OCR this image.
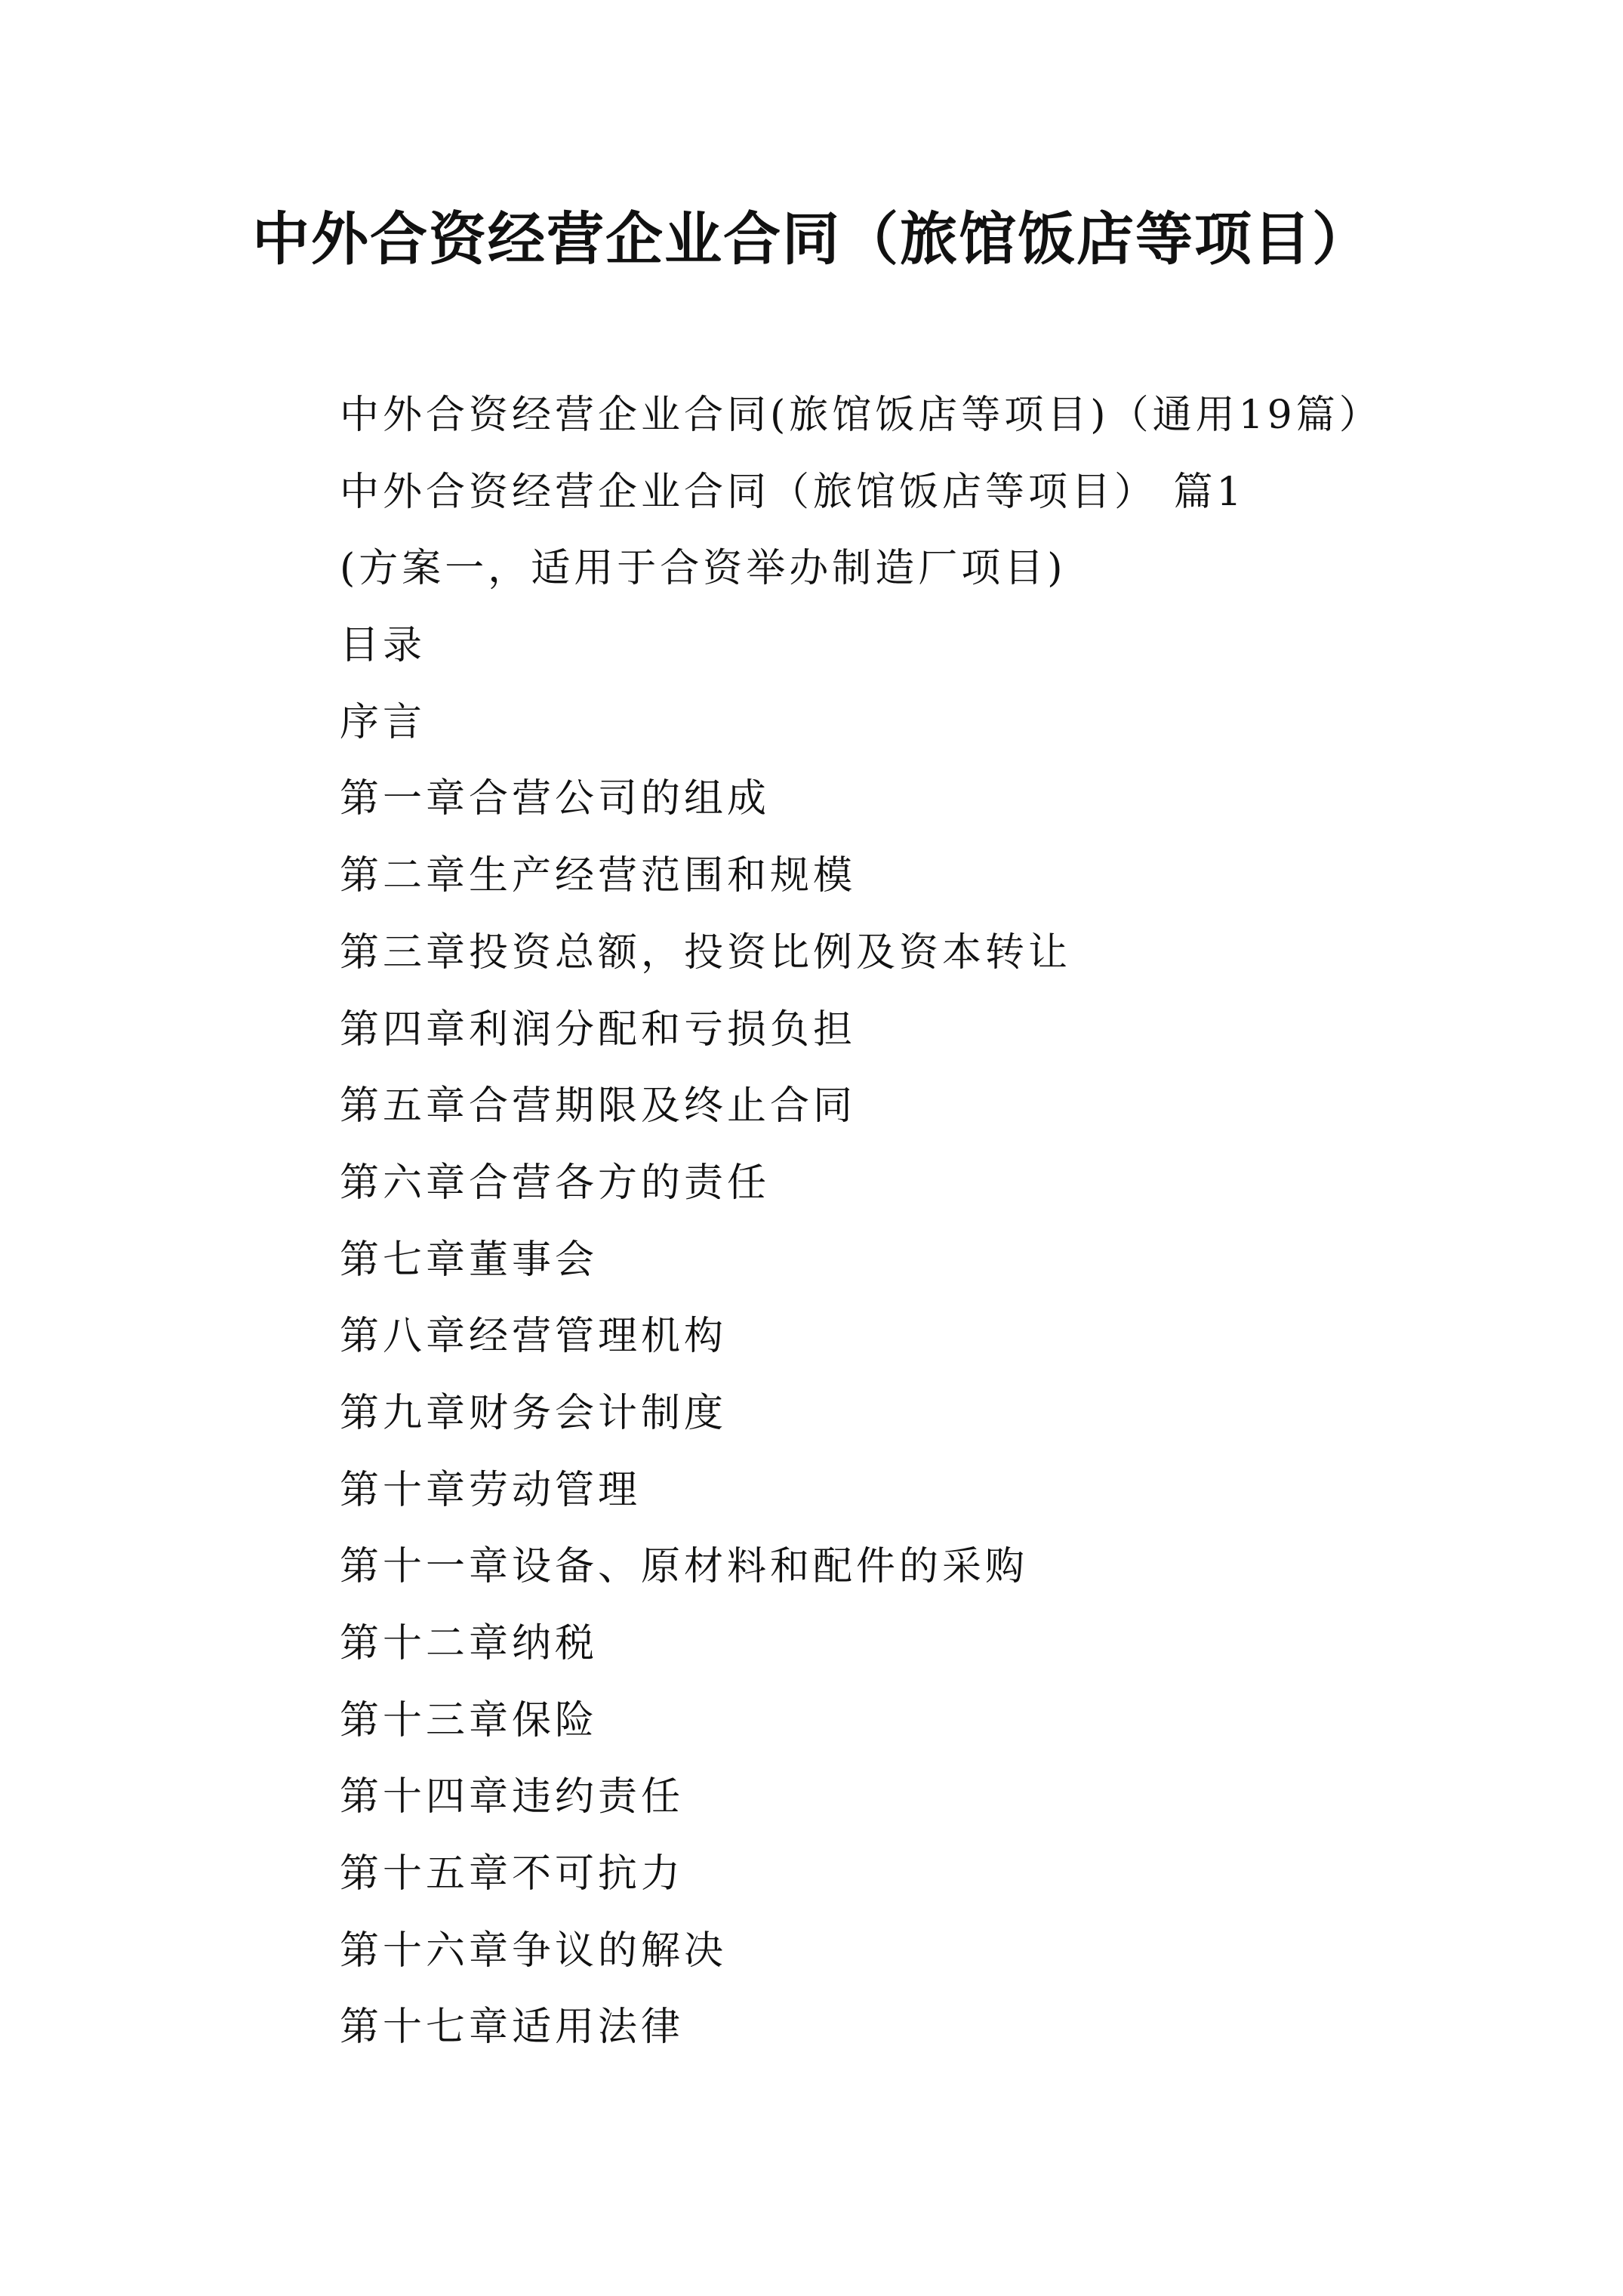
中外合资经营企业合同（旅馆饭店等项目）
中外合资经营企业合同(旅馆饭店等项目)（通用19篇）
中外合资经营企业合同（旅馆饭店等项目） 篇1
(方案一，适用于合资举办制造厂项目)
目录
序言
第一章合营公司的组成
第二章生产经营范围和规模
第三章投资总额，投资比例及资本转让
第四章利润分配和亏损负担
第五章合营期限及终止合同
第六章合营各方的责任
第七章董事会
第八章经营管理机构
第九章财务会计制度
第十章劳动管理
第十一章设备、原材料和配件的采购
第十二章纳税
第十三章保险
第十四章违约责任
第十五章不可抗力
第十六章争议的解决
第十七章适用法律
